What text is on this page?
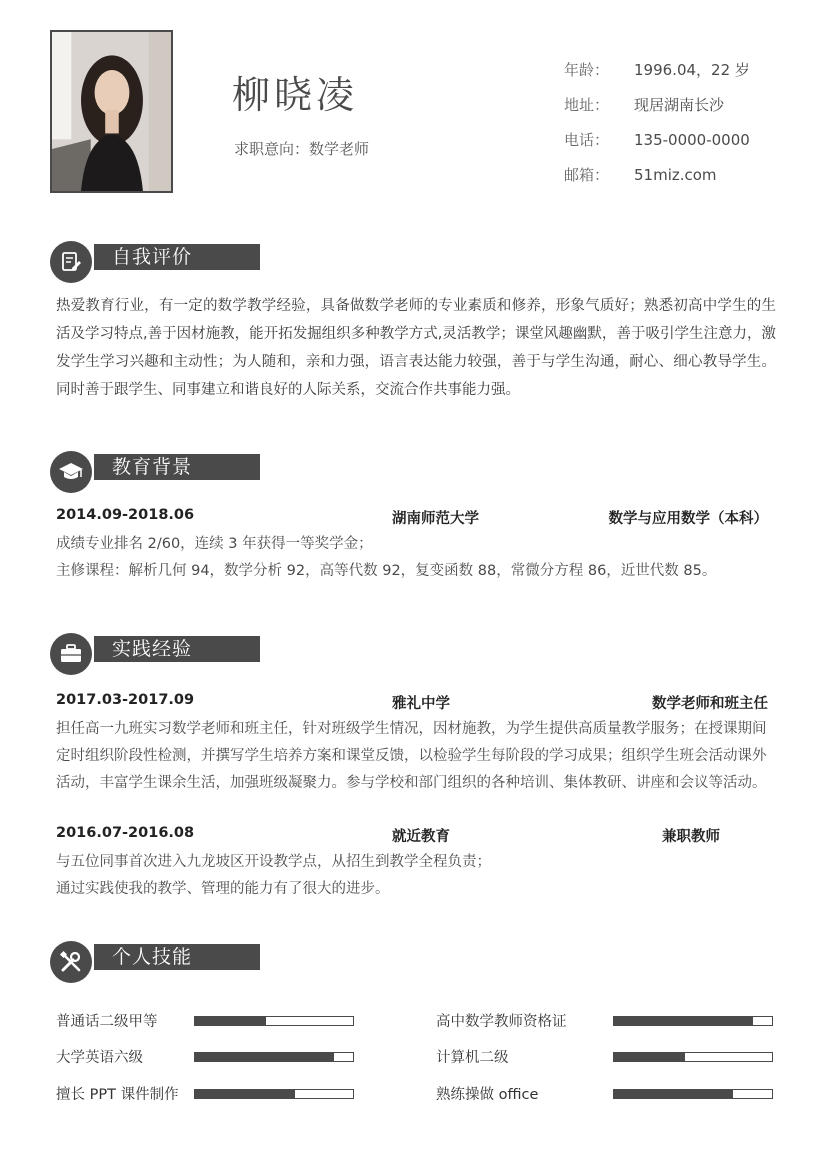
柳晓凌
求职意向：数学老师
年龄：	1996.04，22 岁
地址：	现居湖南长沙
电话：	135-0000-0000
邮箱：	51miz.com
自我评价
热爱教育行业，有一定的数学教学经验，具备做数学老师的专业素质和修养，形象气质好；熟悉初高中学生的生活及学习特点,善于因材施教，能开拓发掘组织多种教学方式,灵活教学；课堂风趣幽默，善于吸引学生注意力，激发学生学习兴趣和主动性；为人随和，亲和力强，语言表达能力较强，善于与学生沟通，耐心、细心教导学生。同时善于跟学生、同事建立和谐良好的人际关系，交流合作共事能力强。
教育背景
2014.09-2018.06	湖南师范大学	数学与应用数学（本科）
成绩专业排名 2/60，连续 3 年获得一等奖学金；
主修课程：解析几何 94，数学分析 92，高等代数 92，复变函数 88，常微分方程 86，近世代数 85。
实践经验
2017.03-2017.09	雅礼中学	数学老师和班主任
担任高一九班实习数学老师和班主任，针对班级学生情况，因材施教，为学生提供高质量教学服务；在授课期间定时组织阶段性检测，并撰写学生培养方案和课堂反馈，以检验学生每阶段的学习成果；组织学生班会活动课外活动，丰富学生课余生活，加强班级凝聚力。参与学校和部门组织的各种培训、集体教研、讲座和会议等活动。
2016.07-2016.08	就近教育	兼职教师
与五位同事首次进入九龙坡区开设教学点，从招生到教学全程负责；
通过实践使我的教学、管理的能力有了很大的进步。
个人技能
普通话二级甲等	高中数学教师资格证
大学英语六级	计算机二级
擅长 PPT 课件制作	熟练操做 office
